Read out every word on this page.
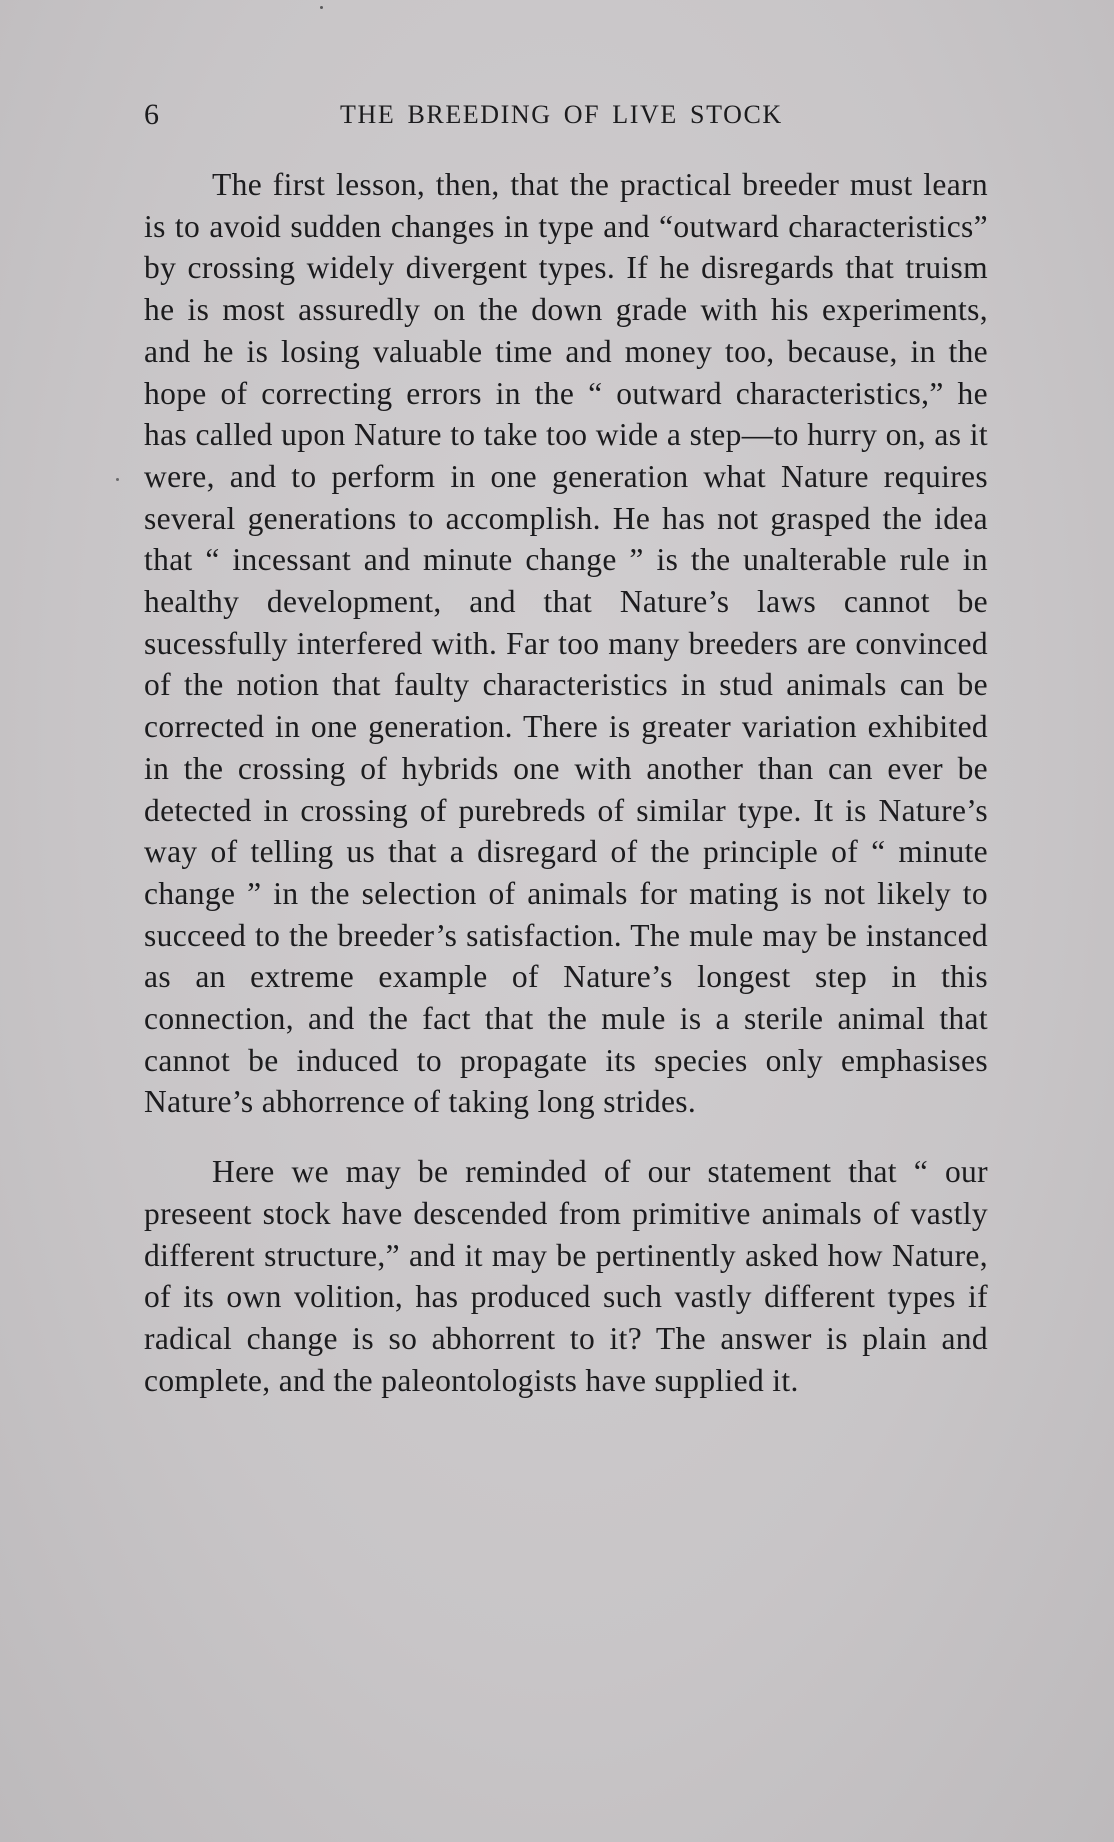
6	THE BREEDING OF LIVE STOCK

The first lesson, then, that the practical breeder must learn is to avoid sudden changes in type and “outward characteristics” by crossing widely divergent types. If he disregards that truism he is most assuredly on the down grade with his experiments, and he is losing valuable time and money too, because, in the hope of correcting errors in the “ outward characteristics,” he has called upon Nature to take too wide a step—to hurry on, as it were, and to perform in one generation what Nature requires several generations to accomplish. He has not grasped the idea that “ incessant and minute change ” is the unalterable rule in healthy development, and that Nature’s laws cannot be sucessfully interfered with. Far too many breeders are convinced of the notion that faulty characteristics in stud animals can be corrected in one generation. There is greater variation exhibited in the crossing of hybrids one with another than can ever be detected in crossing of purebreds of similar type. It is Nature’s way of telling us that a disregard of the principle of “ minute change ” in the selection of animals for mating is not likely to succeed to the breeder’s satisfaction. The mule may be instanced as an extreme example of Nature’s longest step in this connection, and the fact that the mule is a sterile animal that cannot be induced to propagate its species only emphasises Nature’s abhorrence of taking long strides.

Here we may be reminded of our statement that “ our preseent stock have descended from primitive animals of vastly different structure,” and it may be pertinently asked how Nature, of its own volition, has produced such vastly different types if radical change is so abhorrent to it? The answer is plain and complete, and the paleontologists have supplied it.
